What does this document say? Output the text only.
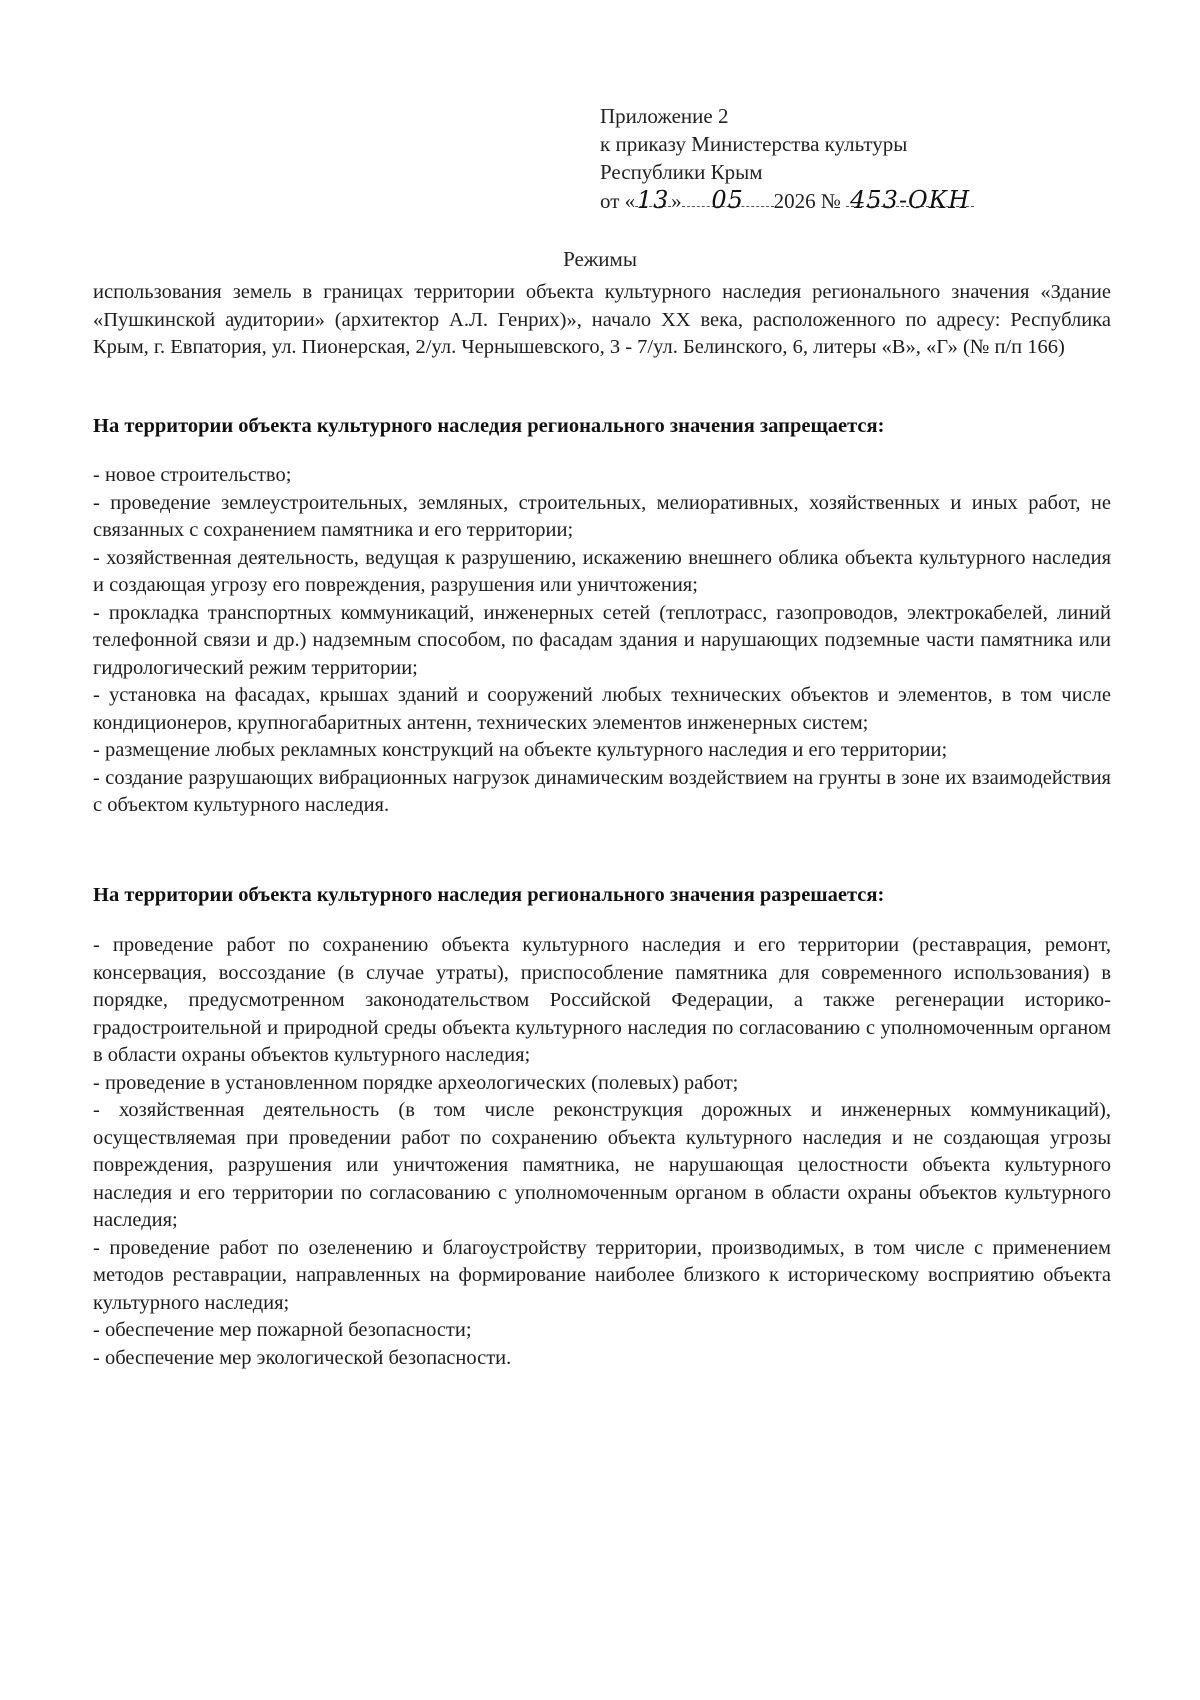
Приложение 2
к приказу Министерства культуры
Республики Крым
от «13» 05 2026 № 453-ОКН
Режимы
использования земель в границах территории объекта культурного наследия регионального значения «Здание «Пушкинской аудитории» (архитектор А.Л. Генрих)», начало XX века, расположенного по адресу: Республика Крым, г. Евпатория, ул. Пионерская, 2/ул. Чернышевского, 3 - 7/ул. Белинского, 6, литеры «В», «Г» (№ п/п 166)
На территории объекта культурного наследия регионального значения запрещается:
- новое строительство;
- проведение землеустроительных, земляных, строительных, мелиоративных, хозяйственных и иных работ, не связанных с сохранением памятника и его территории;
- хозяйственная деятельность, ведущая к разрушению, искажению внешнего облика объекта культурного наследия и создающая угрозу его повреждения, разрушения или уничтожения;
- прокладка транспортных коммуникаций, инженерных сетей (теплотрасс, газопроводов, электрокабелей, линий телефонной связи и др.) надземным способом, по фасадам здания и нарушающих подземные части памятника или гидрологический режим территории;
- установка на фасадах, крышах зданий и сооружений любых технических объектов и элементов, в том числе кондиционеров, крупногабаритных антенн, технических элементов инженерных систем;
- размещение любых рекламных конструкций на объекте культурного наследия и его территории;
- создание разрушающих вибрационных нагрузок динамическим воздействием на грунты в зоне их взаимодействия с объектом культурного наследия.
На территории объекта культурного наследия регионального значения разрешается:
- проведение работ по сохранению объекта культурного наследия и его территории (реставрация, ремонт, консервация, воссоздание (в случае утраты), приспособление памятника для современного использования) в порядке, предусмотренном законодательством Российской Федерации, а также регенерации историко-градостроительной и природной среды объекта культурного наследия по согласованию с уполномоченным органом в области охраны объектов культурного наследия;
- проведение в установленном порядке археологических (полевых) работ;
- хозяйственная деятельность (в том числе реконструкция дорожных и инженерных коммуникаций), осуществляемая при проведении работ по сохранению объекта культурного наследия и не создающая угрозы повреждения, разрушения или уничтожения памятника, не нарушающая целостности объекта культурного наследия и его территории по согласованию с уполномоченным органом в области охраны объектов культурного наследия;
- проведение работ по озеленению и благоустройству территории, производимых, в том числе с применением методов реставрации, направленных на формирование наиболее близкого к историческому восприятию объекта культурного наследия;
- обеспечение мер пожарной безопасности;
- обеспечение мер экологической безопасности.
